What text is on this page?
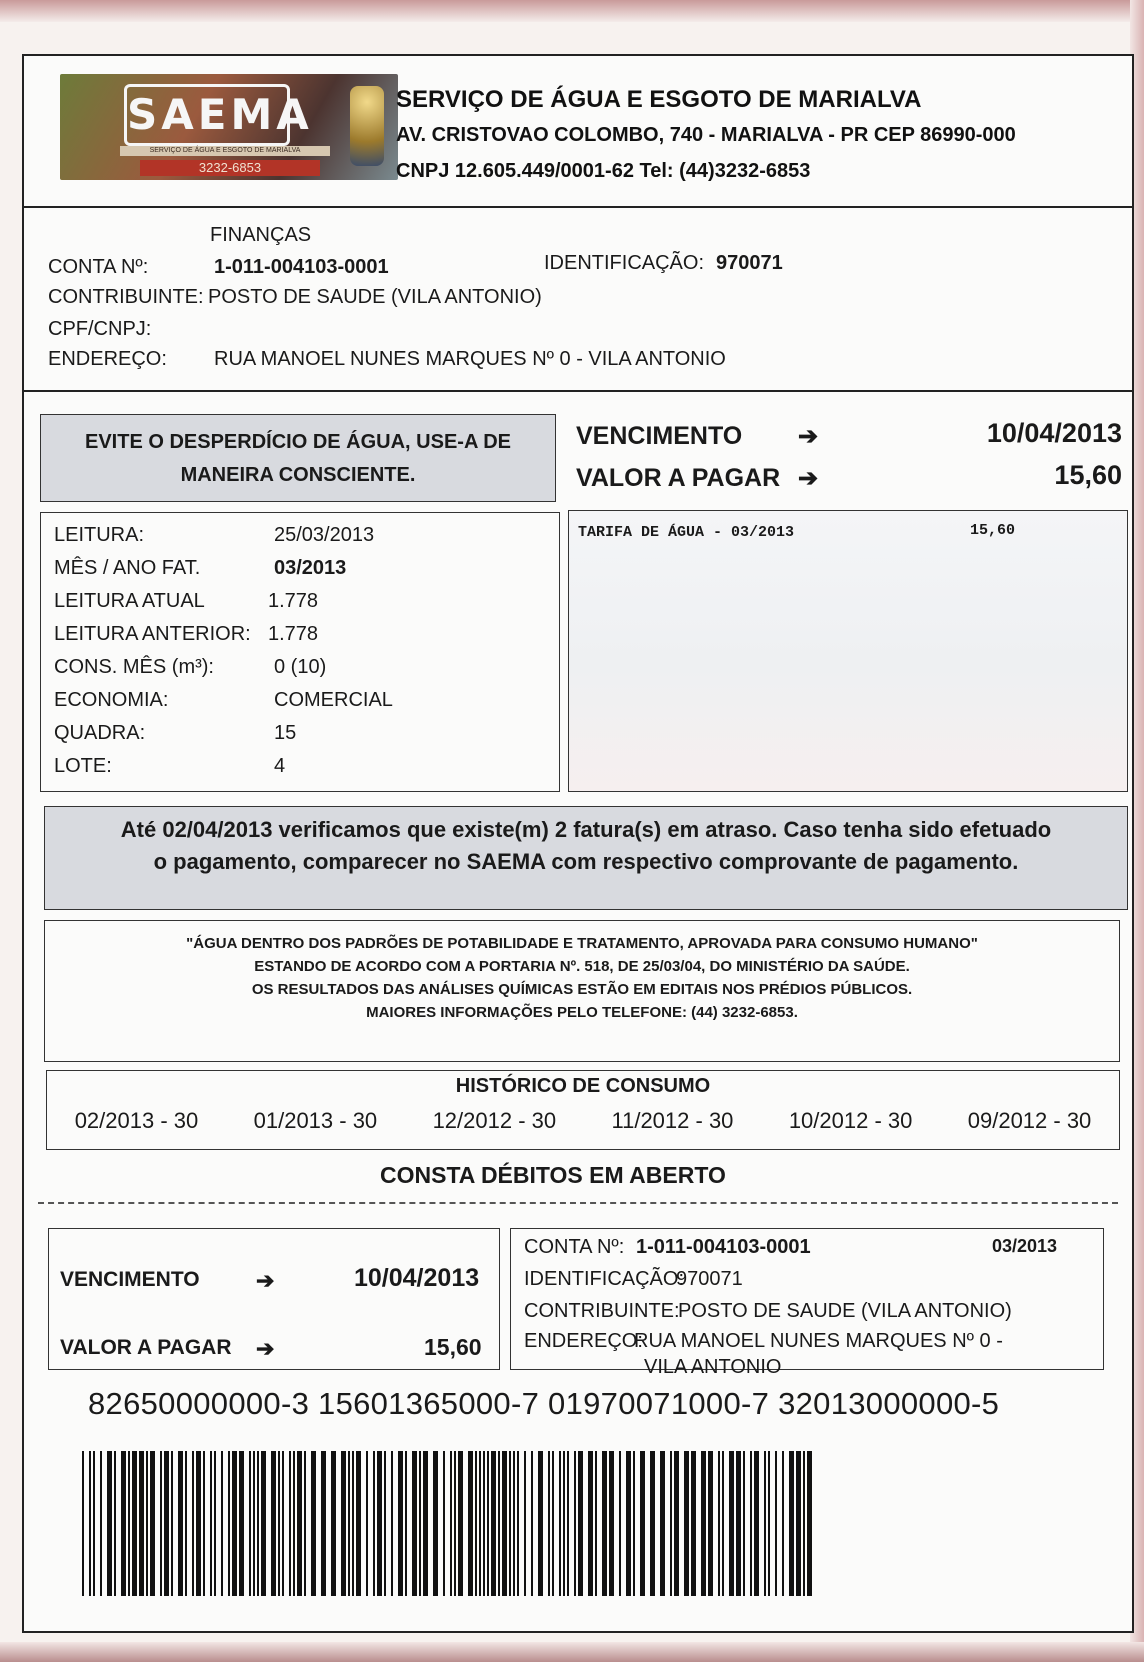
SAEMA
SERVIÇO DE ÁGUA E ESGOTO DE MARIALVA
3232-6853
SERVIÇO DE ÁGUA E ESGOTO DE MARIALVA
AV. CRISTOVAO COLOMBO, 740 - MARIALVA - PR CEP 86990-000
CNPJ 12.605.449/0001-62 Tel: (44)3232-6853
FINANÇAS
CONTA Nº:	1-011-004103-0001	IDENTIFICAÇÃO: 970071
CONTRIBUINTE: POSTO DE SAUDE (VILA ANTONIO)
CPF/CNPJ:
ENDEREÇO: RUA MANOEL NUNES MARQUES Nº 0 - VILA ANTONIO
EVITE O DESPERDÍCIO DE ÁGUA, USE-A DE
MANEIRA CONSCIENTE.
VENCIMENTO ➔	10/04/2013
VALOR A PAGAR ➔	15,60
LEITURA:	25/03/2013
MÊS / ANO FAT.	03/2013
LEITURA ATUAL	1.778
LEITURA ANTERIOR: 1.778
CONS. MÊS (m³):	0 (10)
ECONOMIA:	COMERCIAL
QUADRA:	15
LOTE:	4
TARIFA DE ÁGUA - 03/2013	15,60
Até 02/04/2013 verificamos que existe(m) 2 fatura(s) em atraso. Caso tenha sido efetuado
o pagamento, comparecer no SAEMA com respectivo comprovante de pagamento.
"ÁGUA DENTRO DOS PADRÕES DE POTABILIDADE E TRATAMENTO, APROVADA PARA CONSUMO HUMANO"
ESTANDO DE ACORDO COM A PORTARIA Nº. 518, DE 25/03/04, DO MINISTÉRIO DA SAÚDE.
OS RESULTADOS DAS ANÁLISES QUÍMICAS ESTÃO EM EDITAIS NOS PRÉDIOS PÚBLICOS.
MAIORES INFORMAÇÕES PELO TELEFONE: (44) 3232-6853.
HISTÓRICO DE CONSUMO
02/2013 - 30	01/2013 - 30	12/2012 - 30	11/2012 - 30	10/2012 - 30	09/2012 - 30
CONSTA DÉBITOS EM ABERTO
VENCIMENTO	➔	10/04/2013
VALOR A PAGAR ➔	15,60
CONTA Nº: 1-011-004103-0001	03/2013
IDENTIFICAÇÃO:
970071
CONTRIBUINTE:
POSTO DE SAUDE (VILA ANTONIO)
ENDEREÇO:
RUA MANOEL NUNES MARQUES Nº 0 -
VILA ANTONIO
82650000000-3 15601365000-7 01970071000-7 32013000000-5
